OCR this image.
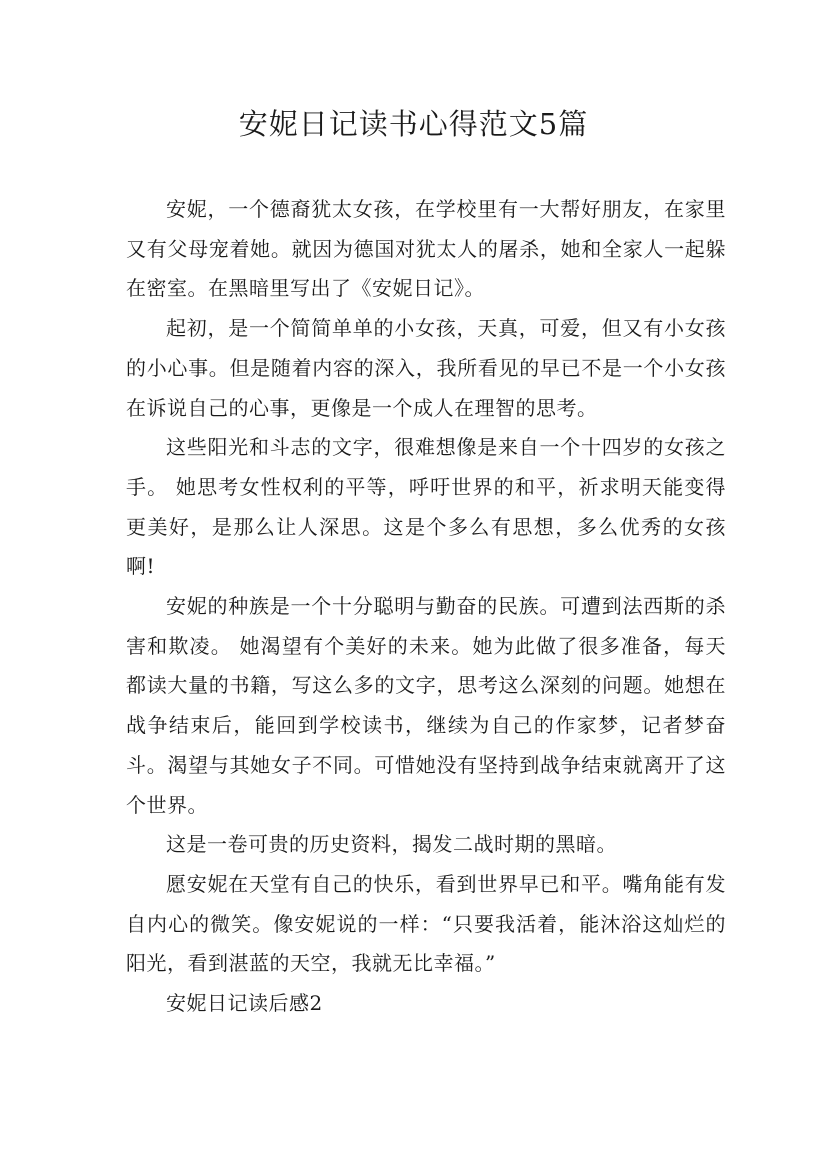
安妮日记读书心得范文5篇

安妮，一个德裔犹太女孩，在学校里有一大帮好朋友，在家里又有父母宠着她。就因为德国对犹太人的屠杀，她和全家人一起躲在密室。在黑暗里写出了《安妮日记》。

起初，是一个简简单单的小女孩，天真，可爱，但又有小女孩的小心事。但是随着内容的深入，我所看见的早已不是一个小女孩在诉说自己的心事，更像是一个成人在理智的思考。

这些阳光和斗志的文字，很难想像是来自一个十四岁的女孩之手。 她思考女性权利的平等，呼吁世界的和平，祈求明天能变得更美好，是那么让人深思。这是个多么有思想，多么优秀的女孩啊!

安妮的种族是一个十分聪明与勤奋的民族。可遭到法西斯的杀害和欺凌。 她渴望有个美好的未来。她为此做了很多准备，每天都读大量的书籍，写这么多的文字，思考这么深刻的问题。她想在战争结束后，能回到学校读书，继续为自己的作家梦，记者梦奋斗。渴望与其她女子不同。可惜她没有坚持到战争结束就离开了这个世界。

这是一卷可贵的历史资料，揭发二战时期的黑暗。

愿安妮在天堂有自己的快乐，看到世界早已和平。嘴角能有发自内心的微笑。像安妮说的一样：“只要我活着，能沐浴这灿烂的阳光，看到湛蓝的天空，我就无比幸福。”

安妮日记读后感2
